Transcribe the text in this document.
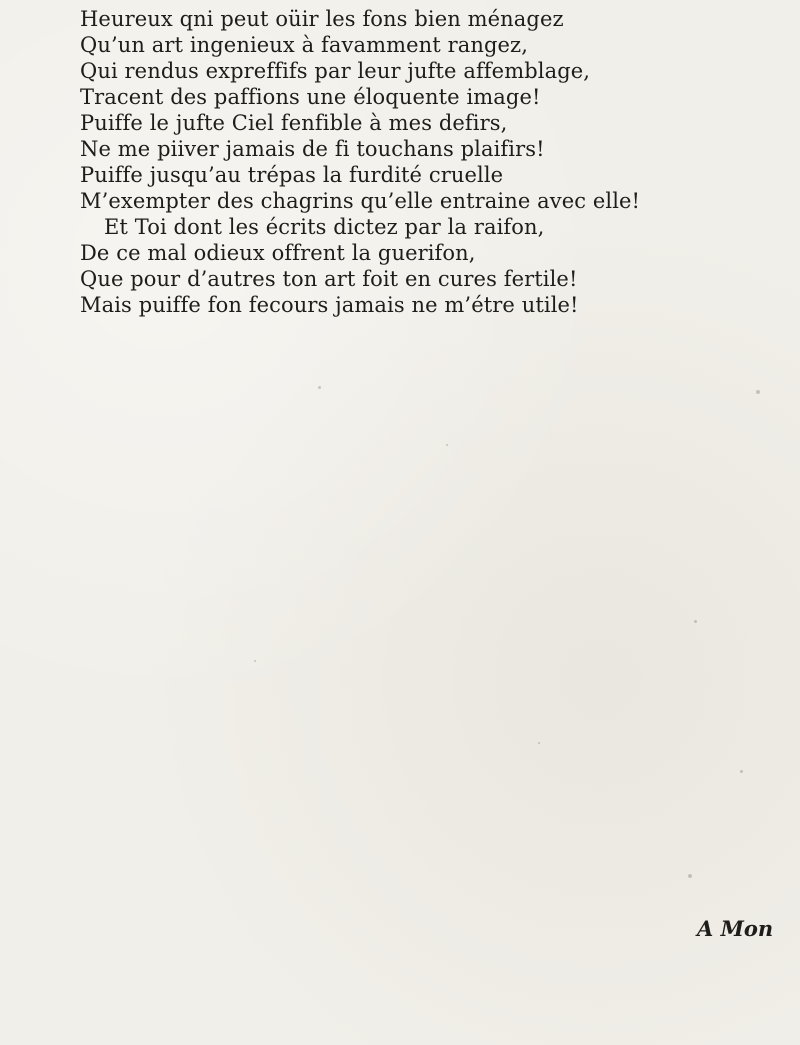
Heureux qni peut oüir les fons bien ménagez
Qu’un art ingenieux à favamment rangez,
Qui rendus expreffifs par leur jufte affemblage,
Tracent des paffions une éloquente image!
Puiffe le jufte Ciel fenfible à mes defirs,
Ne me piiver jamais de fi touchans plaifirs!
Puiffe jusqu’au trépas la furdité cruelle
M’exempter des chagrins qu’elle entraine avec elle!
Et Toi dont les écrits dictez par la raifon,
De ce mal odieux offrent la guerifon,
Que pour d’autres ton art foit en cures fertile!
Mais puiffe fon fecours jamais ne m’étre utile!
A Mon
